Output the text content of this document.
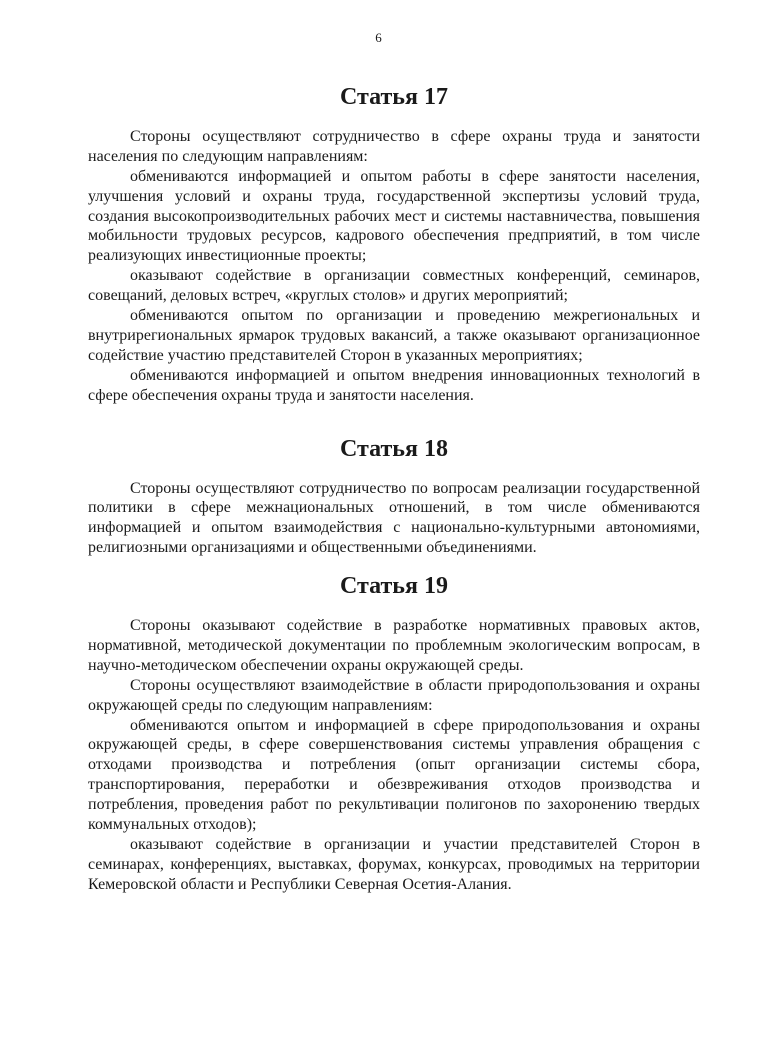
6
Статья 17

Стороны осуществляют сотрудничество в сфере охраны труда и занятости населения по следующим направлениям:

обмениваются информацией и опытом работы в сфере занятости населения, улучшения условий и охраны труда, государственной экспертизы условий труда, создания высокопроизводительных рабочих мест и системы наставничества, повышения мобильности трудовых ресурсов, кадрового обеспечения предприятий, в том числе реализующих инвестиционные проекты;

оказывают содействие в организации совместных конференций, семинаров, совещаний, деловых встреч, «круглых столов» и других мероприятий;

обмениваются опытом по организации и проведению межрегиональных и внутрирегиональных ярмарок трудовых вакансий, а также оказывают организационное содействие участию представителей Сторон в указанных мероприятиях;

обмениваются информацией и опытом внедрения инновационных технологий в сфере обеспечения охраны труда и занятости населения.

Статья 18

Стороны осуществляют сотрудничество по вопросам реализации государственной политики в сфере межнациональных отношений, в том числе обмениваются информацией и опытом взаимодействия с национально-культурными автономиями, религиозными организациями и общественными объединениями.

Статья 19

Стороны оказывают содействие в разработке нормативных правовых актов, нормативной, методической документации по проблемным экологическим вопросам, в научно-методическом обеспечении охраны окружающей среды.

Стороны осуществляют взаимодействие в области природопользования и охраны окружающей среды по следующим направлениям:

обмениваются опытом и информацией в сфере природопользования и охраны окружающей среды, в сфере совершенствования системы управления обращения с отходами производства и потребления (опыт организации системы сбора, транспортирования, переработки и обезвреживания отходов производства и потребления, проведения работ по рекультивации полигонов по захоронению твердых коммунальных отходов);

оказывают содействие в организации и участии представителей Сторон в семинарах, конференциях, выставках, форумах, конкурсах, проводимых на территории Кемеровской области и Республики Северная Осетия-Алания.
